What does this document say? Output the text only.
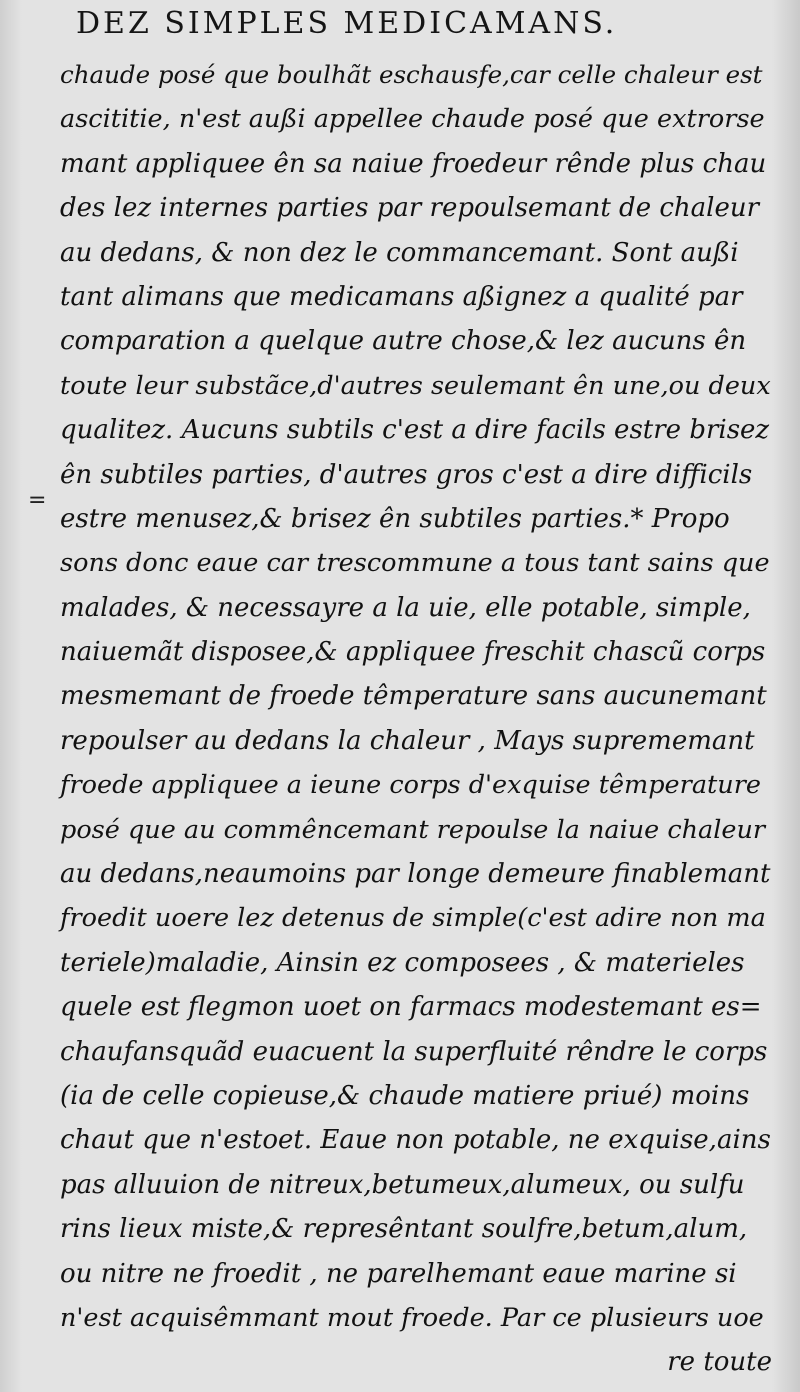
DEZ SIMPLES MEDICAMANS.
=
chaude posé que boulhãt eschausfe,car celle chaleur est
ascititie, n'est außi appellee chaude posé que extrorse
mant appliquee ên sa naiue froedeur rênde plus chau
des lez internes parties par repoulsemant de chaleur
au dedans, & non dez le commancemant. Sont außi
tant alimans que medicamans aßignez a qualité par
comparation a quelque autre chose,& lez aucuns ên
toute leur substãce,d'autres seulemant ên une,ou deux
qualitez. Aucuns subtils c'est a dire facils estre brisez
ên subtiles parties, d'autres gros c'est a dire difficils
estre menusez,& brisez ên subtiles parties.* Propo
sons donc eaue car trescommune a tous tant sains que
malades, & necessayre a la uie, elle potable, simple,
naiuemãt disposee,& appliquee freschit chascũ corps
mesmemant de froede têmperature sans aucunemant
repoulser au dedans la chaleur , Mays suprememant
froede appliquee a ieune corps d'exquise têmperature
posé que au commêncemant repoulse la naiue chaleur
au dedans,neaumoins par longe demeure finablemant
froedit uoere lez detenus de simple(c'est adire non ma
teriele)maladie, Ainsin ez composees , & materieles
quele est flegmon uoet on farmacs modestemant es=
chaufansquãd euacuent la superfluité rêndre le corps
(ia de celle copieuse,& chaude matiere priué) moins
chaut que n'estoet. Eaue non potable, ne exquise,ains
pas alluuion de nitreux,betumeux,alumeux, ou sulfu
rins lieux miste,& represêntant soulfre,betum,alum,
ou nitre ne froedit , ne parelhemant eaue marine si
n'est acquisêmmant mout froede. Par ce plusieurs uoe
re toute
